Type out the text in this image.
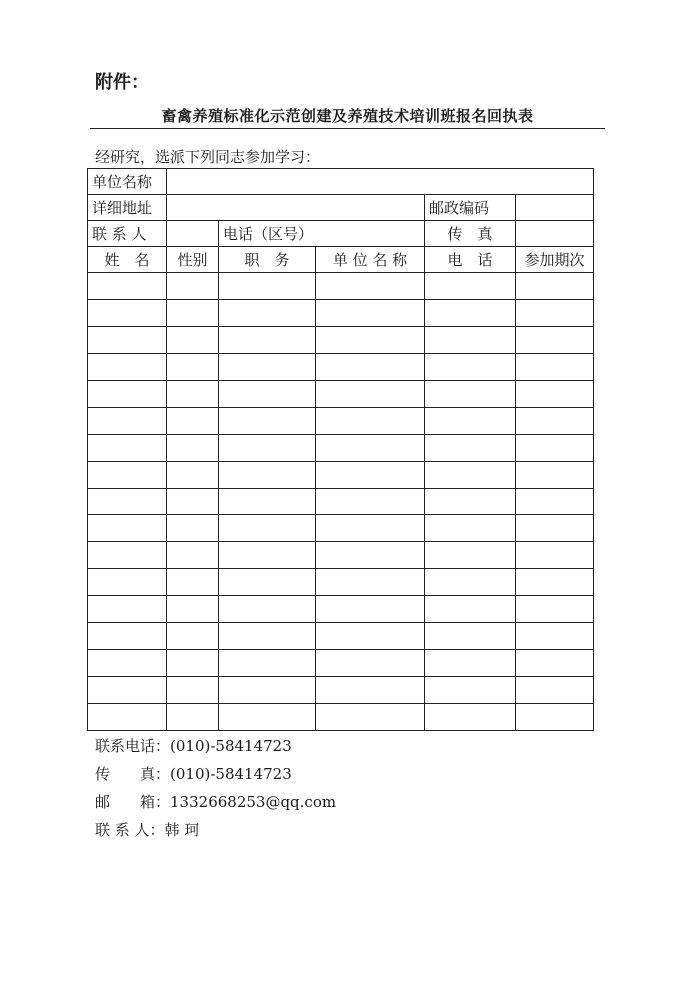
附件：
畜禽养殖标准化示范创建及养殖技术培训班报名回执表
经研究，选派下列同志参加学习：
单位名称					
详细地址				邮政编码	
联 系 人		电话（区号）		传　真	
姓　名	性别	职　务	单 位 名 称	电　话	参加期次

联系电话：(010)-58414723
传　　真：(010)-58414723
邮　　箱：1332668253@qq.com
联 系 人：韩 珂
